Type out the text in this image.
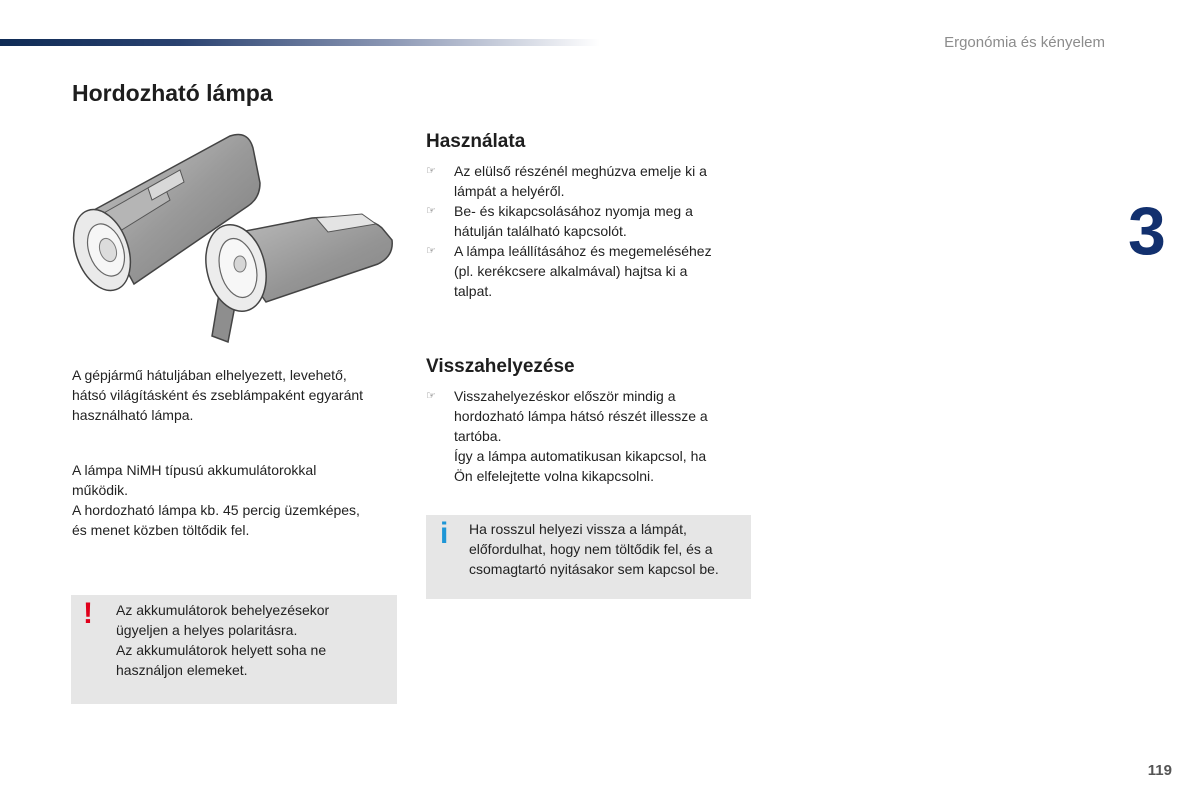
Ergonómia és kényelem
3
Hordozható lámpa

A gépjármű hátuljában elhelyezett, levehető,
hátsó világításként és zseblámpaként egyaránt
használható lámpa.

A lámpa NiMH típusú akkumulátorokkal
működik.
A hordozható lámpa kb. 45 percig üzemképes,
és menet közben töltődik fel.

! Az akkumulátorok behelyezésekor
ügyeljen a helyes polaritásra.
Az akkumulátorok helyett soha ne
használjon elemeket.
Használata
☞ Az elülső részénél meghúzva emelje ki a
lámpát a helyéről.
☞ Be- és kikapcsolásához nyomja meg a
hátulján található kapcsolót.
☞ A lámpa leállításához és megemeléséhez
(pl. kerékcsere alkalmával) hajtsa ki a
talpat.
Visszahelyezése
☞ Visszahelyezéskor először mindig a
hordozható lámpa hátsó részét illessze a
tartóba.
Így a lámpa automatikusan kikapcsol, ha
Ön elfelejtette volna kikapcsolni.
i Ha rosszul helyezi vissza a lámpát,
előfordulhat, hogy nem töltődik fel, és a
csomagtartó nyitásakor sem kapcsol be.
119
